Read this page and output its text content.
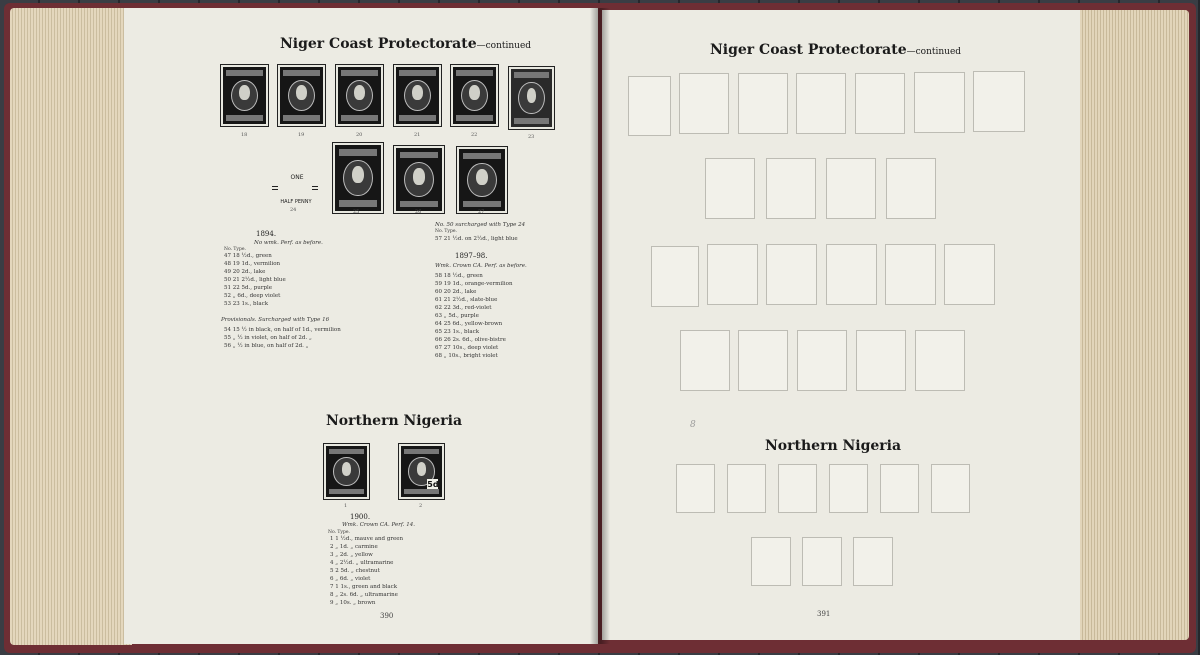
Niger Coast Protectorate—continued
18	19	20	21	22	23
ONE
HALF PENNY
24	25	26	27
1894.
No wmk. Perf. as before.
No. Type.
47 18 ½d., green
48 19 1d., vermilion
49 20 2d., lake
50 21 2½d., light blue
51 22 5d., purple
52 „ 6d., deep violet
53 23 1s., black
Provisionals. Surcharged with Type 16
54 15 ½ in black, on half of 1d., vermilion
55 „ ½ in violet, on half of 2d. „
56 „ ½ in blue, on half of 2d. „
No. 50 surcharged with Type 24
No. Type.
57 21 ½d. on 2½d., light blue
1897–98.
Wmk. Crown CA. Perf. as before.
58 18 ½d., green
59 19 1d., orange-vermilion
60 20 2d., lake
61 21 2½d., slate-blue
62 22 3d., red-violet
63 „ 5d., purple
64 25 6d., yellow-brown
65 23 1s., black
66 26 2s. 6d., olive-bistre
67 27 10s., deep violet
68 „ 10s., bright violet
Northern Nigeria
5d
1	2
1900.
Wmk. Crown CA. Perf. 14.
No. Type.
1 1 ½d., mauve and green
2 „ 1d. „ carmine
3 „ 2d. „ yellow
4 „ 2½d. „ ultramarine
5 2 5d. „ chestnut
6 „ 6d. „ violet
7 1 1s., green and black
8 „ 2s. 6d. „ ultramarine
9 „ 10s. „ brown
390
Niger Coast Protectorate—continued
Northern Nigeria
391
8
